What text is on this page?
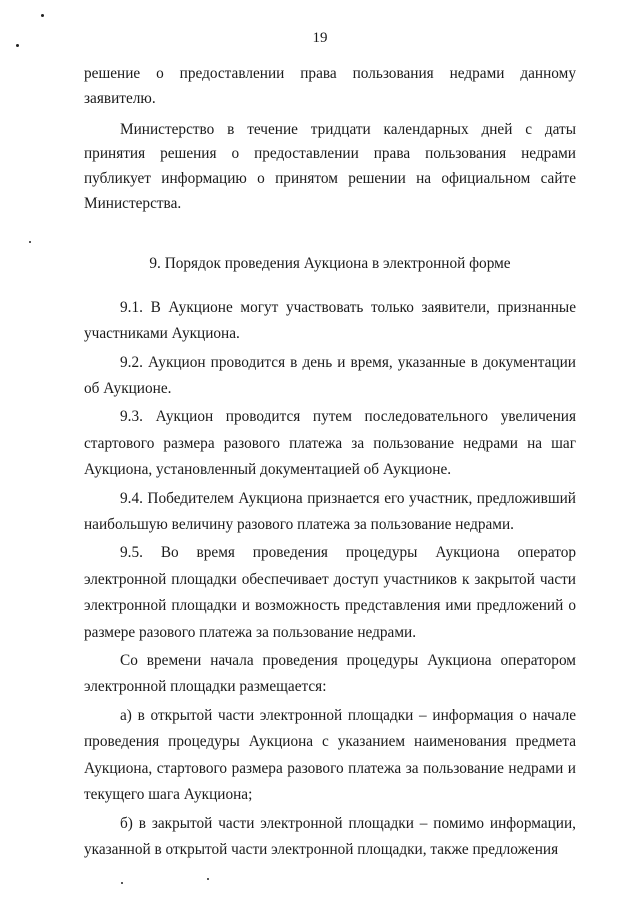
19

решение о предоставлении права пользования недрами данному заявителю.

Министерство в течение тридцати календарных дней с даты принятия решения о предоставлении права пользования недрами публикует информацию о принятом решении на официальном сайте Министерства.

9. Порядок проведения Аукциона в электронной форме

9.1. В Аукционе могут участвовать только заявители, признанные участниками Аукциона.

9.2. Аукцион проводится в день и время, указанные в документации об Аукционе.

9.3. Аукцион проводится путем последовательного увеличения стартового размера разового платежа за пользование недрами на шаг Аукциона, установленный документацией об Аукционе.

9.4. Победителем Аукциона признается его участник, предложивший наибольшую величину разового платежа за пользование недрами.

9.5. Во время проведения процедуры Аукциона оператор электронной площадки обеспечивает доступ участников к закрытой части электронной площадки и возможность представления ими предложений о размере разового платежа за пользование недрами.

Со времени начала проведения процедуры Аукциона оператором электронной площадки размещается:

а) в открытой части электронной площадки – информация о начале проведения процедуры Аукциона с указанием наименования предмета Аукциона, стартового размера разового платежа за пользование недрами и текущего шага Аукциона;

б) в закрытой части электронной площадки – помимо информации, указанной в открытой части электронной площадки, также предложения
